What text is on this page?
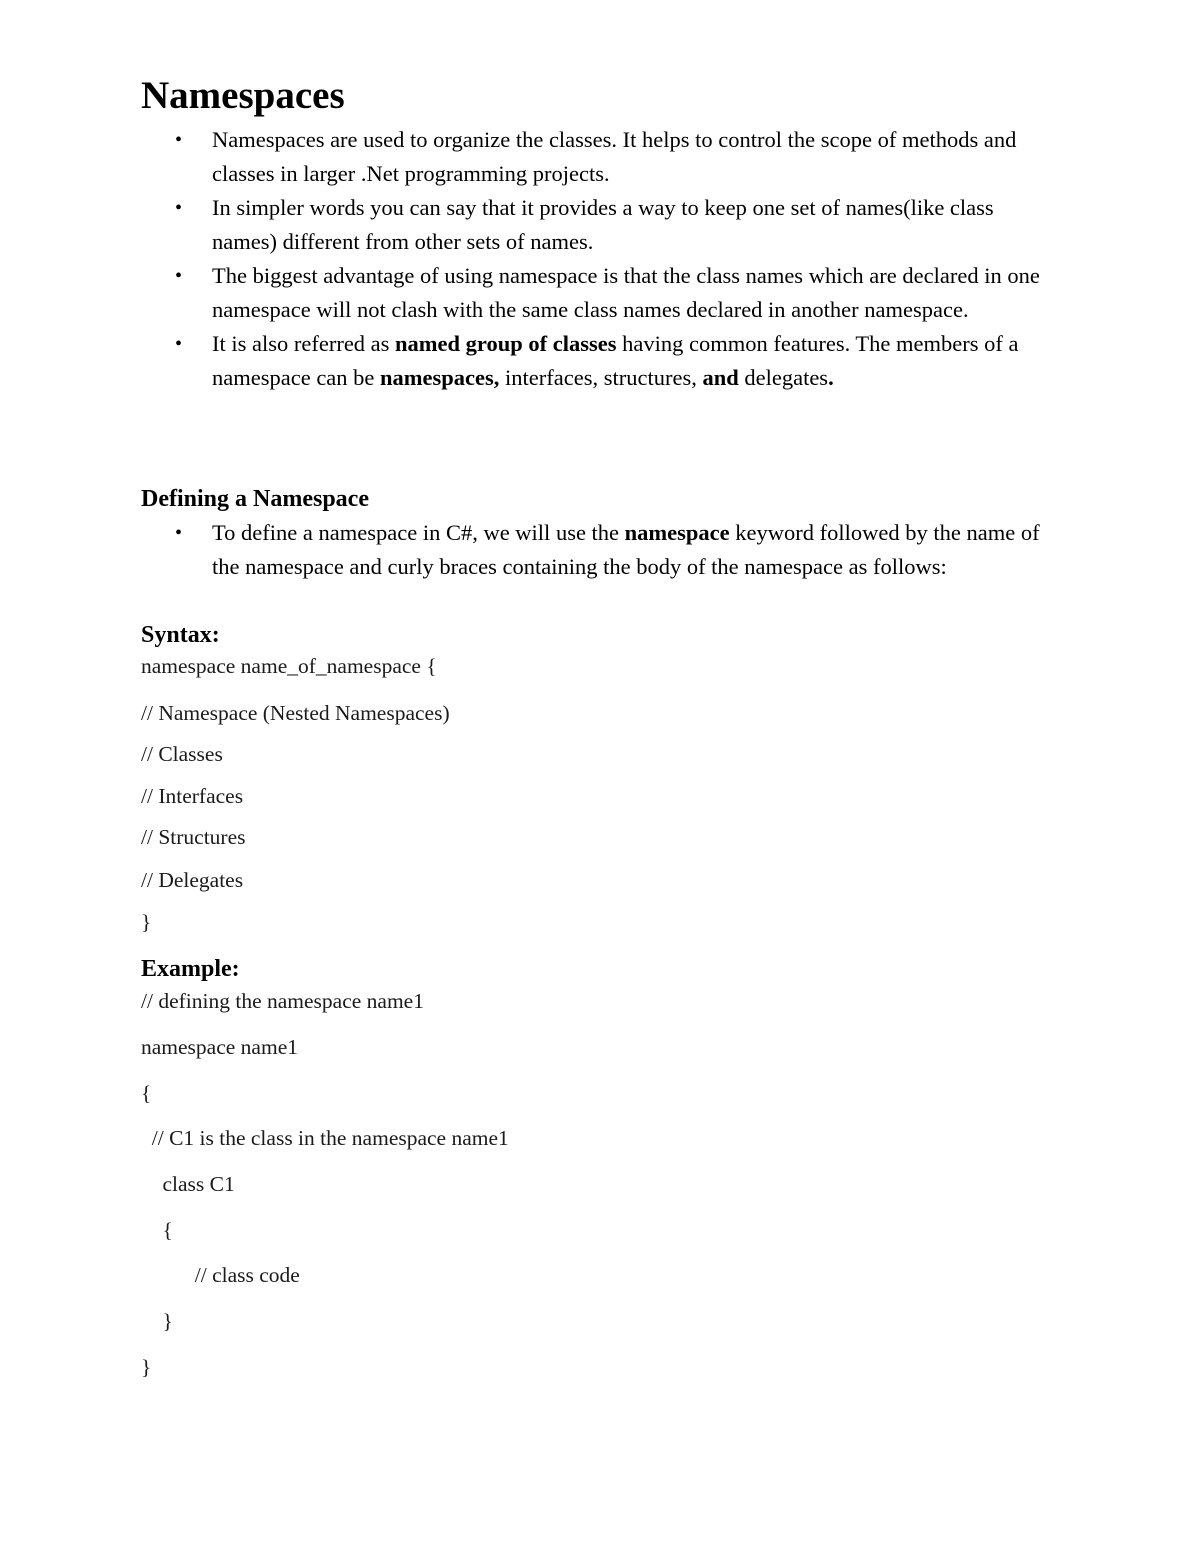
Namespaces
• Namespaces are used to organize the classes. It helps to control the scope of methods and classes in larger .Net programming projects.
• In simpler words you can say that it provides a way to keep one set of names(like class names) different from other sets of names.
• The biggest advantage of using namespace is that the class names which are declared in one namespace will not clash with the same class names declared in another namespace.
• It is also referred as named group of classes having common features. The members of a namespace can be namespaces, interfaces, structures, and delegates.
Defining a Namespace
• To define a namespace in C#, we will use the namespace keyword followed by the name of the namespace and curly braces containing the body of the namespace as follows:
Syntax:
namespace name_of_namespace {
// Namespace (Nested Namespaces)
// Classes
// Interfaces
// Structures
// Delegates
}
Example:
// defining the namespace name1
namespace name1
{
// C1 is the class in the namespace name1
class C1
{
// class code
}
}
